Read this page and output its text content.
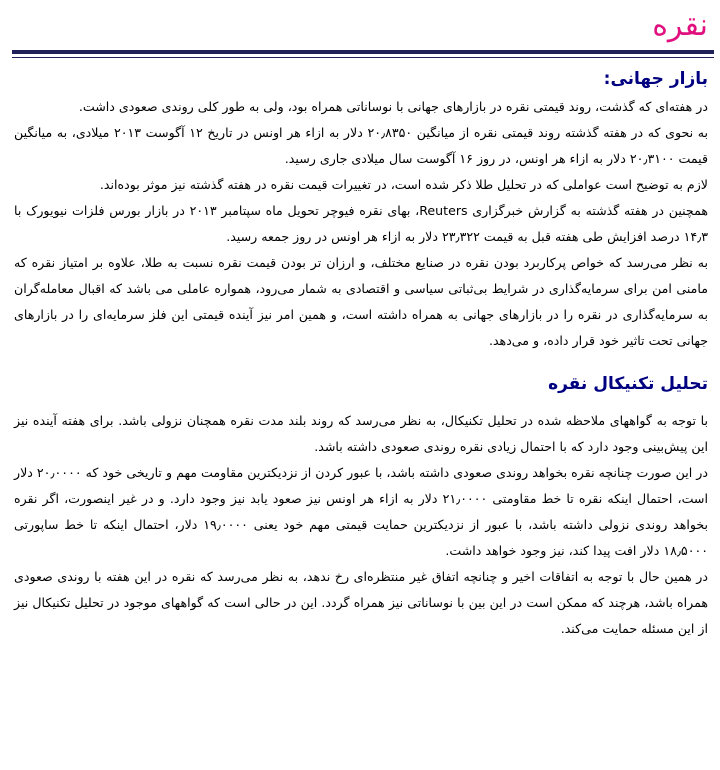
نقره
بازار جهانی:

در هفته‌ای که گذشت، روند قیمتی نقره در بازارهای جهانی با نوساناتی همراه بود، ولی به طور کلی روندی صعودی داشت.

به نحوی که در هفته گذشته روند قیمتی نقره از میانگین ۲۰٫۸۳۵۰ دلار به ازاء هر اونس در تاریخ ۱۲ آگوست ۲۰۱۳ میلادی، به میانگین قیمت ۲۰٫۳۱۰۰ دلار به ازاء هر اونس، در روز ۱۶ آگوست سال میلادی جاری رسید.

لازم به توضیح است عواملی که در تحلیل طلا ذکر شده است، در تغییرات قیمت نقره در هفته گذشته نیز موثر بوده‌اند.

همچنین در هفته گذشته به گزارش خبرگزاری Reuters، بهای نقره فیوچر تحویل ماه سپتامبر ۲۰۱۳ در بازار بورس فلزات نیویورک با ۱۴٫۳ درصد افزایش طی هفته قبل به قیمت ۲۳٫۳۲۲ دلار به ازاء هر اونس در روز جمعه رسید.

به نظر می‌رسد که خواص پرکاربرد بودن نقره در صنایع مختلف، و ارزان تر بودن قیمت نقره نسبت به طلا، علاوه بر امتیاز نقره که مامنی امن برای سرمایه‌گذاری در شرایط بی‌ثباتی سیاسی و اقتصادی به شمار می‌رود، همواره عاملی می باشد که اقبال معامله‌گران به سرمایه‌گذاری در نقره را در بازارهای جهانی به همراه داشته است، و همین امر نیز آینده قیمتی این فلز سرمایه‌ای را در بازارهای جهانی تحت تاثیر خود قرار داده، و می‌دهد.

تحلیل تکنیکال نقره

با توجه به گواههای ملاحظه شده در تحلیل تکنیکال، به نظر می‌رسد که روند بلند مدت نقره همچنان نزولی باشد. برای هفته آینده نیز این پیش‌بینی وجود دارد که با احتمال زیادی نقره روندی صعودی داشته باشد.

در این صورت چنانچه نقره بخواهد روندی صعودی داشته باشد، با عبور کردن از نزدیکترین مقاومت مهم و تاریخی خود که ۲۰٫۰۰۰۰ دلار است، احتمال اینکه نقره تا خط مقاومتی ۲۱٫۰۰۰۰ دلار به ازاء هر اونس نیز صعود یابد نیز وجود دارد. و در غیر اینصورت، اگر نقره بخواهد روندی نزولی داشته باشد، با عبور از نزدیکترین حمایت قیمتی مهم خود یعنی ۱۹٫۰۰۰۰ دلار، احتمال اینکه تا خط ساپورتی ۱۸٫۵۰۰۰ دلار افت پیدا کند، نیز وجود خواهد داشت.

در همین حال با توجه به اتفاقات اخیر و چنانچه اتفاق غیر منتظره‌ای رخ ندهد، به نظر می‌رسد که نقره در این هفته با روندی صعودی همراه باشد، هرچند که ممکن است در این بین با نوساناتی نیز همراه گردد. این در حالی است که گواههای موجود در تحلیل تکنیکال نیز از این مسئله حمایت می‌کند.
